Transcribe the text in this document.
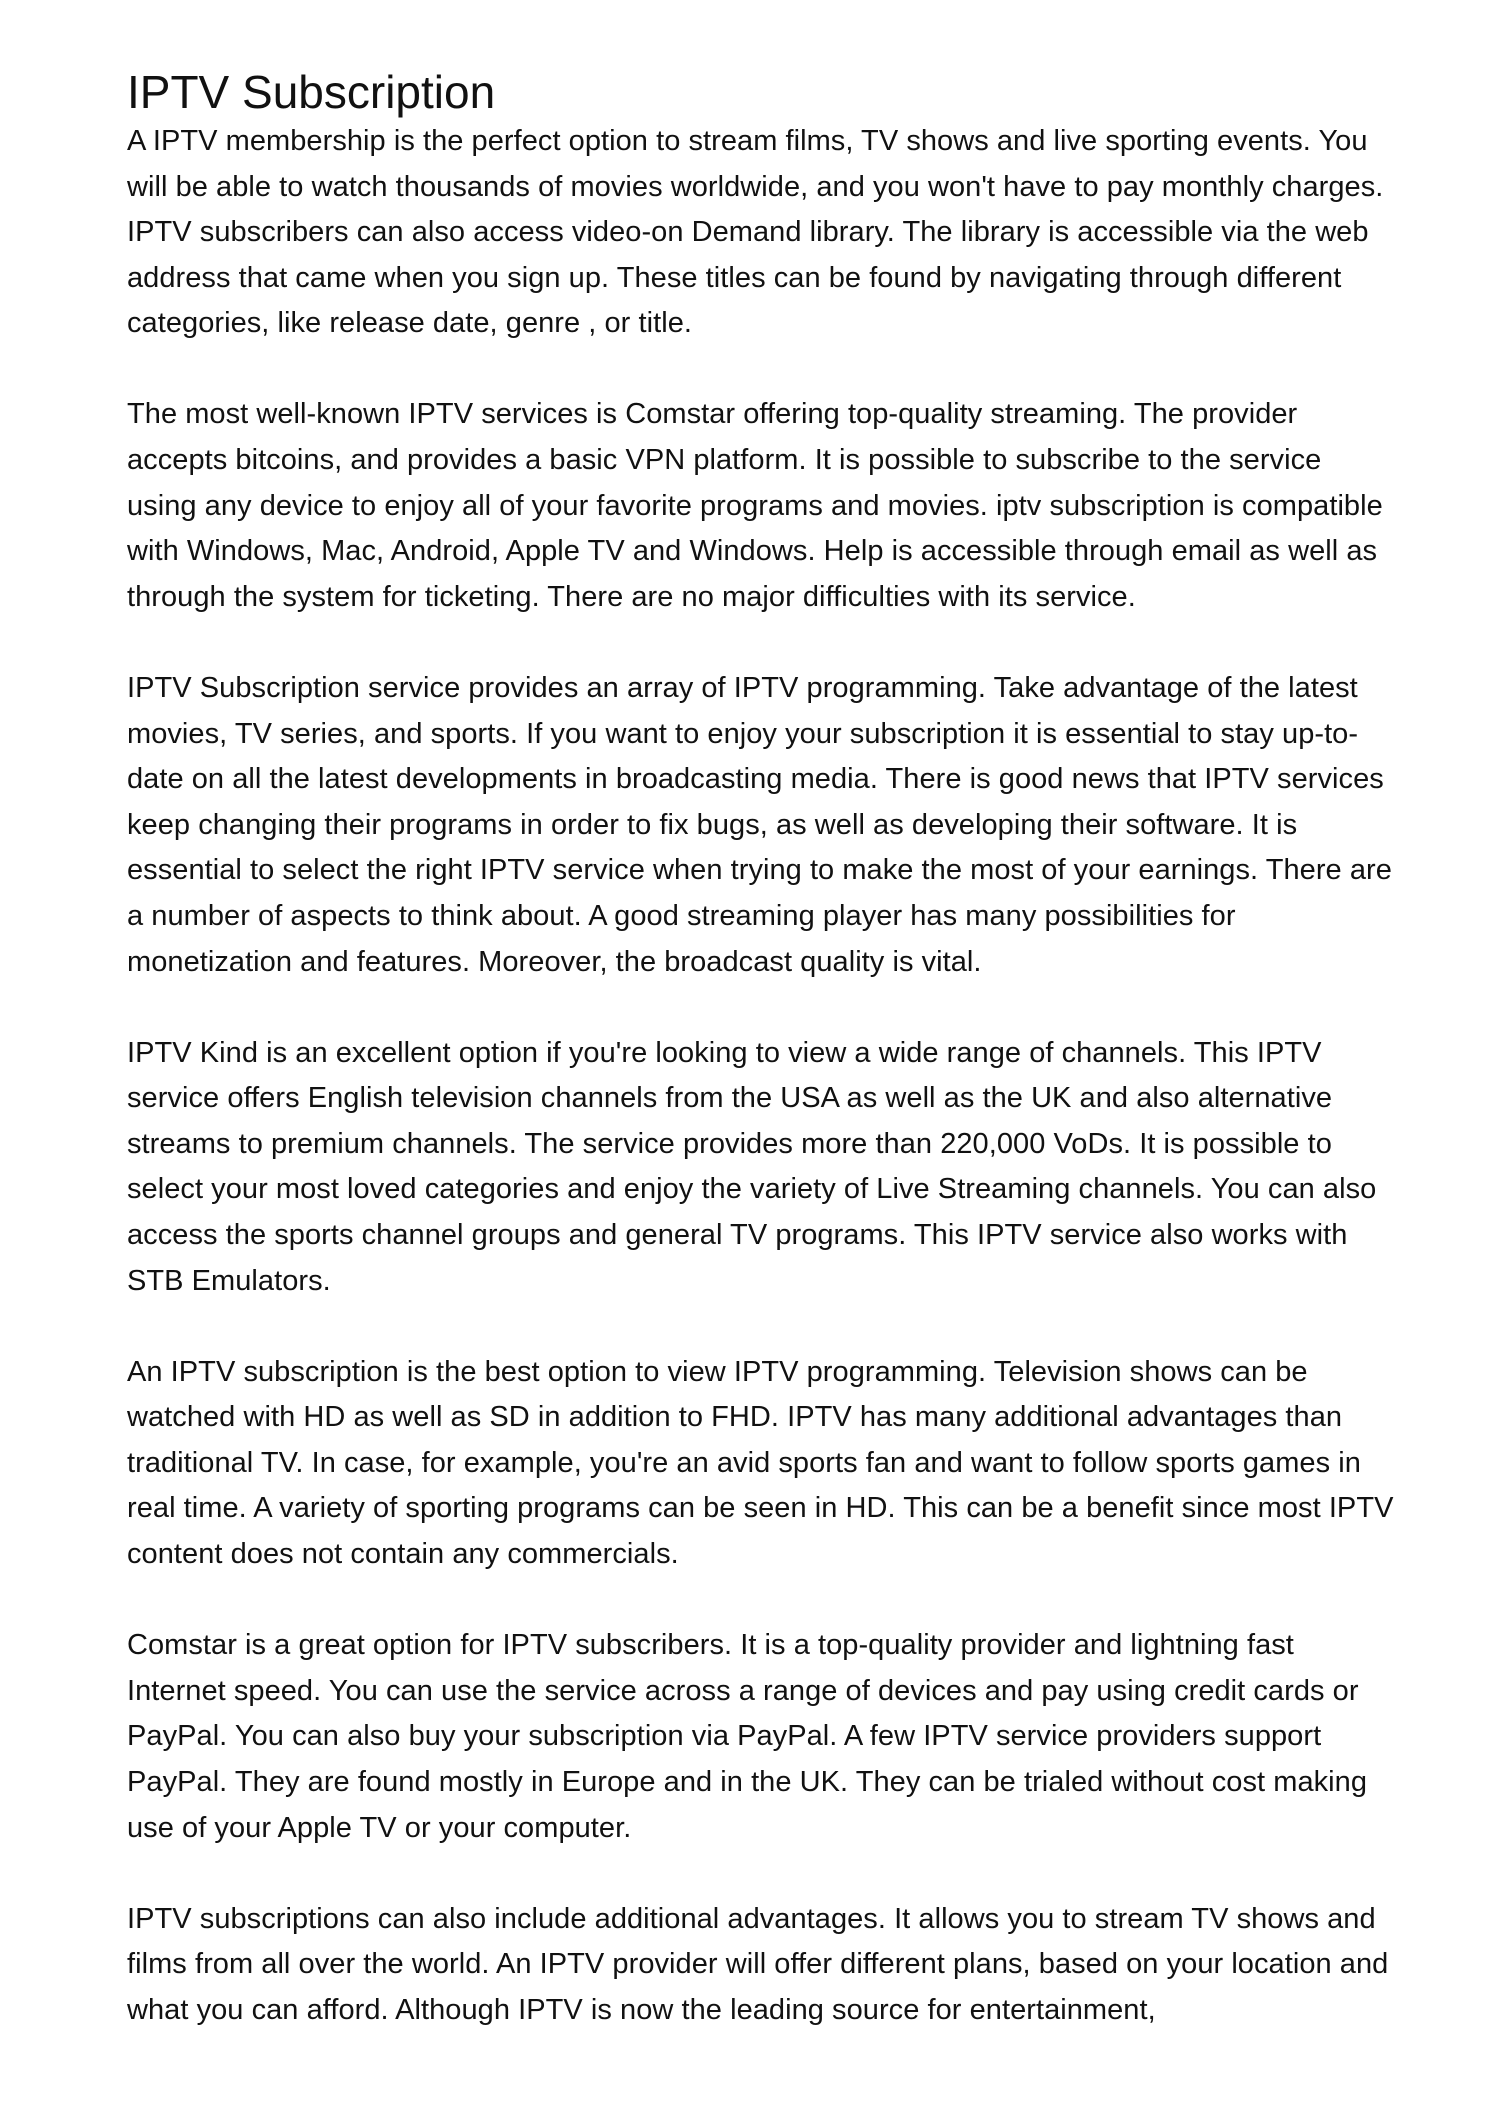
IPTV Subscription

A IPTV membership is the perfect option to stream films, TV shows and live sporting events. You will be able to watch thousands of movies worldwide, and you won't have to pay monthly charges. IPTV subscribers can also access video-on Demand library. The library is accessible via the web address that came when you sign up. These titles can be found by navigating through different categories, like release date, genre , or title.

The most well-known IPTV services is Comstar offering top-quality streaming. The provider accepts bitcoins, and provides a basic VPN platform. It is possible to subscribe to the service using any device to enjoy all of your favorite programs and movies. iptv subscription is compatible with Windows, Mac, Android, Apple TV and Windows. Help is accessible through email as well as through the system for ticketing. There are no major difficulties with its service.

IPTV Subscription service provides an array of IPTV programming. Take advantage of the latest movies, TV series, and sports. If you want to enjoy your subscription it is essential to stay up-to-date on all the latest developments in broadcasting media. There is good news that IPTV services keep changing their programs in order to fix bugs, as well as developing their software. It is essential to select the right IPTV service when trying to make the most of your earnings. There are a number of aspects to think about. A good streaming player has many possibilities for monetization and features. Moreover, the broadcast quality is vital.

IPTV Kind is an excellent option if you're looking to view a wide range of channels. This IPTV service offers English television channels from the USA as well as the UK and also alternative streams to premium channels. The service provides more than 220,000 VoDs. It is possible to select your most loved categories and enjoy the variety of Live Streaming channels. You can also access the sports channel groups and general TV programs. This IPTV service also works with STB Emulators.

An IPTV subscription is the best option to view IPTV programming. Television shows can be watched with HD as well as SD in addition to FHD. IPTV has many additional advantages than traditional TV. In case, for example, you're an avid sports fan and want to follow sports games in real time. A variety of sporting programs can be seen in HD. This can be a benefit since most IPTV content does not contain any commercials.

Comstar is a great option for IPTV subscribers. It is a top-quality provider and lightning fast Internet speed. You can use the service across a range of devices and pay using credit cards or PayPal. You can also buy your subscription via PayPal. A few IPTV service providers support PayPal. They are found mostly in Europe and in the UK. They can be trialed without cost making use of your Apple TV or your computer.

IPTV subscriptions can also include additional advantages. It allows you to stream TV shows and films from all over the world. An IPTV provider will offer different plans, based on your location and what you can afford. Although IPTV is now the leading source for entertainment,
